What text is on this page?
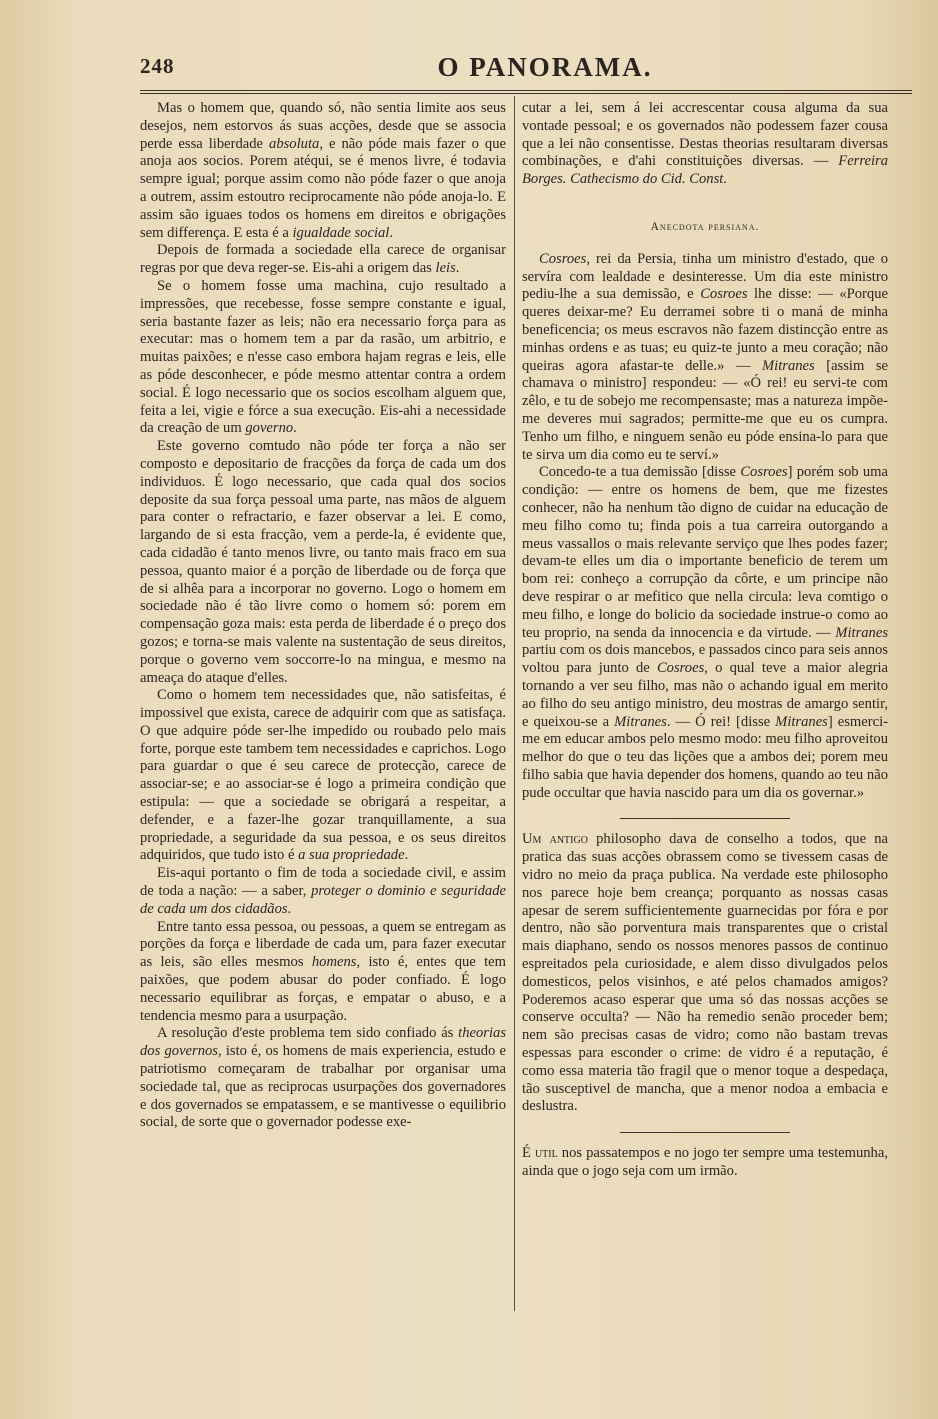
248	O PANORAMA.

Mas o homem que, quando só, não sentia limite aos seus desejos, nem estorvos ás suas acções, desde que se associa perde essa liberdade absoluta, e não póde mais fazer o que anoja aos socios. Porem atéqui, se é menos livre, é todavia sempre igual; porque assim como não póde fazer o que anoja a outrem, assim estoutro reciprocamente não póde anoja-lo. E assim são iguaes todos os homens em direitos e obrigações sem differença. E esta é a igualdade social.

Depois de formada a sociedade ella carece de organisar regras por que deva reger-se. Eis-ahi a origem das leis.

Se o homem fosse uma machina, cujo resultado a impressões, que recebesse, fosse sempre constante e igual, seria bastante fazer as leis; não era necessario força para as executar: mas o homem tem a par da rasão, um arbitrio, e muitas paixões; e n'esse caso embora hajam regras e leis, elle as póde desconhecer, e póde mesmo attentar contra a ordem social. É logo necessario que os socios escolham alguem que, feita a lei, vigie e fórce a sua execução. Eis-ahi a necessidade da creação de um governo.

Este governo comtudo não póde ter força a não ser composto e depositario de fracções da força de cada um dos individuos. É logo necessario, que cada qual dos socios deposite da sua força pessoal uma parte, nas mãos de alguem para conter o refractario, e fazer observar a lei. E como, largando de si esta fracção, vem a perde-la, é evidente que, cada cidadão é tanto menos livre, ou tanto mais fraco em sua pessoa, quanto maior é a porção de liberdade ou de força que de si alhêa para a incorporar no governo. Logo o homem em sociedade não é tão livre como o homem só: porem em compensação goza mais: esta perda de liberdade é o preço dos gozos; e torna-se mais valente na sustentação de seus direitos, porque o governo vem soccorre-lo na mingua, e mesmo na ameaça do ataque d'elles.

Como o homem tem necessidades que, não satisfeitas, é impossivel que exista, carece de adquirir com que as satisfaça. O que adquire póde ser-lhe impedido ou roubado pelo mais forte, porque este tambem tem necessidades e caprichos. Logo para guardar o que é seu carece de protecção, carece de associar-se; e ao associar-se é logo a primeira condição que estipula: — que a sociedade se obrigará a respeitar, a defender, e a fazer-lhe gozar tranquillamente, a sua propriedade, a seguridade da sua pessoa, e os seus direitos adquiridos, que tudo isto é a sua propriedade.

Eis-aqui portanto o fim de toda a sociedade civil, e assim de toda a nação: — a saber, proteger o dominio e seguridade de cada um dos cidadãos.

Entre tanto essa pessoa, ou pessoas, a quem se entregam as porções da força e liberdade de cada um, para fazer executar as leis, são elles mesmos homens, isto é, entes que tem paixões, que podem abusar do poder confiado. É logo necessario equilibrar as forças, e empatar o abuso, e a tendencia mesmo para a usurpação.

A resolução d'este problema tem sido confiado ás theorias dos governos, isto é, os homens de mais experiencia, estudo e patriotismo começaram de trabalhar por organisar uma sociedade tal, que as reciprocas usurpações dos governadores e dos governados se empatassem, e se mantivesse o equilibrio social, de sorte que o governador podesse exe-

cutar a lei, sem á lei accrescentar cousa alguma da sua vontade pessoal; e os governados não podessem fazer cousa que a lei não consentisse. Destas theorias resultaram diversas combinações, e d'ahi constituições diversas. — Ferreira Borges. Cathecismo do Cid. Const.

Anecdota persiana.

Cosroes, rei da Persia, tinha um ministro d'estado, que o servíra com lealdade e desinteresse. Um dia este ministro pediu-lhe a sua demissão, e Cosroes lhe disse: — «Porque queres deixar-me? Eu derramei sobre ti o maná de minha beneficencia; os meus escravos não fazem distincção entre as minhas ordens e as tuas; eu quiz-te junto a meu coração; não queiras agora afastar-te delle.» — Mitranes [assim se chamava o ministro] respondeu: — «Ó rei! eu servi-te com zêlo, e tu de sobejo me recompensaste; mas a natureza impõe-me deveres mui sagrados; permitte-me que eu os cumpra. Tenho um filho, e ninguem senão eu póde ensina-lo para que te sirva um dia como eu te serví.»

Concedo-te a tua demissão [disse Cosroes] porém sob uma condição: — entre os homens de bem, que me fizestes conhecer, não ha nenhum tão digno de cuidar na educação de meu filho como tu; finda pois a tua carreira outorgando a meus vassallos o mais relevante serviço que lhes podes fazer; devam-te elles um dia o importante beneficio de terem um bom rei: conheço a corrupção da côrte, e um principe não deve respirar o ar mefitico que nella circula: leva comtigo o meu filho, e longe do bolicio da sociedade instrue-o como ao teu proprio, na senda da innocencia e da virtude. — Mitranes partiu com os dois mancebos, e passados cinco para seis annos voltou para junto de Cosroes, o qual teve a maior alegria tornando a ver seu filho, mas não o achando igual em merito ao filho do seu antigo ministro, deu mostras de amargo sentir, e queixou-se a Mitranes. — Ó rei! [disse Mitranes] esmerci-me em educar ambos pelo mesmo modo: meu filho aproveitou melhor do que o teu das lições que a ambos dei; porem meu filho sabia que havia depender dos homens, quando ao teu não pude occultar que havia nascido para um dia os governar.»

Um antigo philosopho dava de conselho a todos, que na pratica das suas acções obrassem como se tivessem casas de vidro no meio da praça publica. Na verdade este philosopho nos parece hoje bem creança; porquanto as nossas casas apesar de serem sufficientemente guarnecidas por fóra e por dentro, não são porventura mais transparentes que o cristal mais diaphano, sendo os nossos menores passos de continuo espreitados pela curiosidade, e alem disso divulgados pelos domesticos, pelos visinhos, e até pelos chamados amigos? Poderemos acaso esperar que uma só das nossas acções se conserve occulta? — Não ha remedio senão proceder bem; nem são precisas casas de vidro; como não bastam trevas espessas para esconder o crime: de vidro é a reputação, é como essa materia tão fragil que o menor toque a despedaça, tão susceptivel de mancha, que a menor nodoa a embacia e deslustra.

É util nos passatempos e no jogo ter sempre uma testemunha, ainda que o jogo seja com um irmão.
